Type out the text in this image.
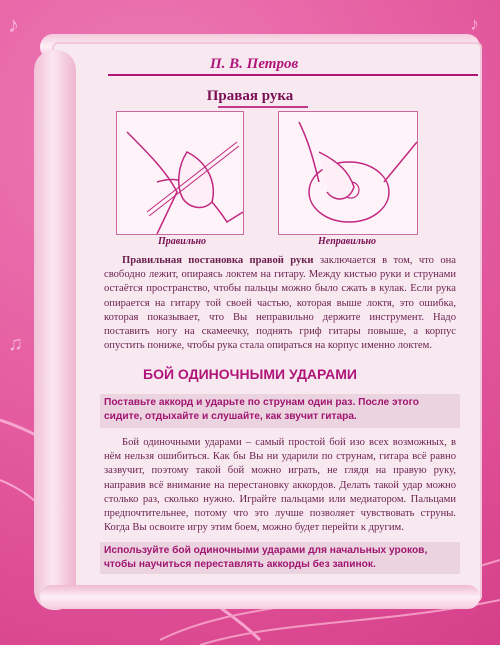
♪
♫
♪
П. В. Петров
Правая рука
Правильно	Неправильно
Правильная постановка правой руки заключается в том, что она свободно лежит, опираясь локтем на гитару. Между кистью руки и струнами остаётся пространство, чтобы пальцы можно было сжать в кулак. Если рука опирается на гитару той своей частью, которая выше локтя, это ошибка, которая показывает, что Вы неправильно держите инструмент. Надо поставить ногу на скамеечку, поднять гриф гитары повыше, а корпус опустить пониже, чтобы рука стала опираться на корпус именно локтем.
БОЙ ОДИНОЧНЫМИ УДАРАМИ
Поставьте аккорд и ударьте по струнам один раз. После этого сидите, отдыхайте и слушайте, как звучит гитара.
Бой одиночными ударами – самый простой бой изо всех возможных, в нём нельзя ошибиться. Как бы Вы ни ударили по струнам, гитара всё равно зазвучит, поэтому такой бой можно играть, не глядя на правую руку, направив всё внимание на перестановку аккордов. Делать такой удар можно столько раз, сколько нужно. Играйте пальцами или медиатором. Пальцами предпочтительнее, потому что это лучше позволяет чувствовать струны. Когда Вы освоите игру этим боем, можно будет перейти к другим.
Используйте бой одиночными ударами для начальных уроков, чтобы научиться переставлять аккорды без запинок.
